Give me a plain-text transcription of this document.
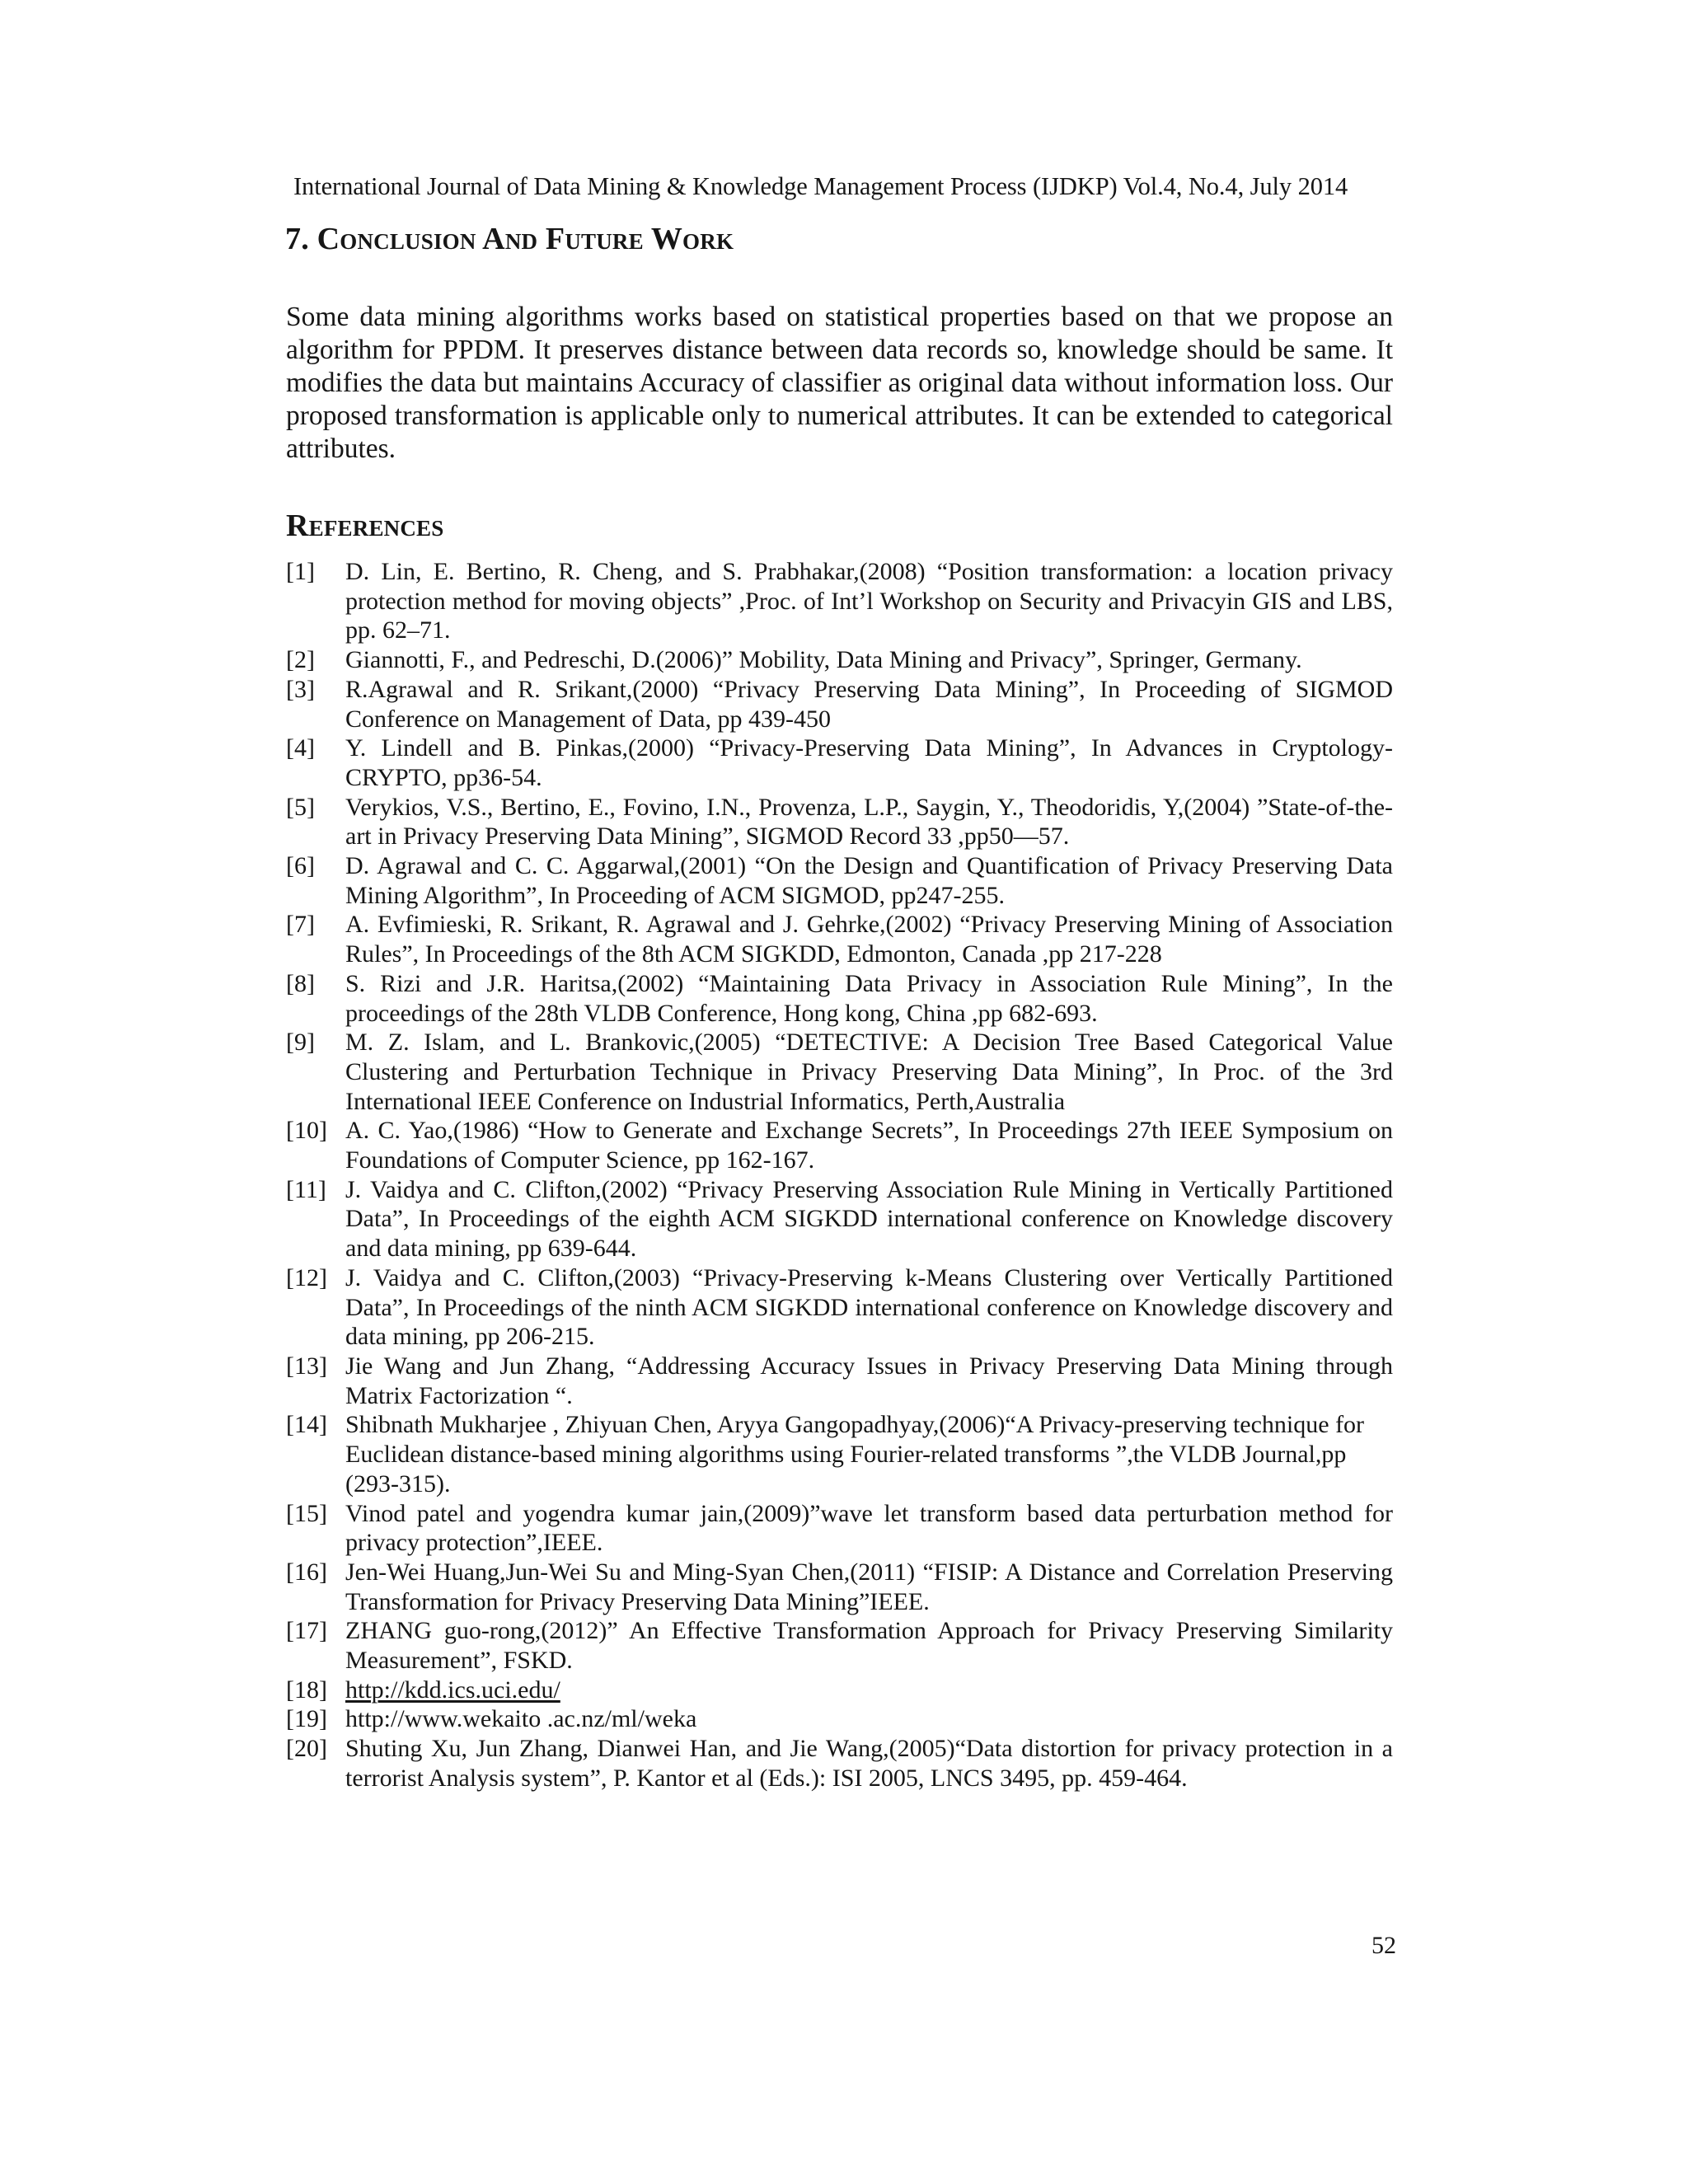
International Journal of Data Mining & Knowledge Management Process (IJDKP) Vol.4, No.4, July 2014
7. Conclusion And Future Work

Some data mining algorithms works based on statistical properties based on that we propose an algorithm for PPDM. It preserves distance between data records so, knowledge should be same. It modifies the data but maintains Accuracy of classifier as original data without information loss. Our proposed transformation is applicable only to numerical attributes. It can be extended to categorical attributes.

References
[1]	D. Lin, E. Bertino, R. Cheng, and S. Prabhakar,(2008) “Position transformation: a location privacy protection method for moving objects” ,Proc. of Int’l Workshop on Security and Privacyin GIS and LBS, pp. 62–71.
[2]	Giannotti, F., and Pedreschi, D.(2006)” Mobility, Data Mining and Privacy”, Springer, Germany.
[3]	R.Agrawal and R. Srikant,(2000) “Privacy Preserving Data Mining”, In Proceeding of SIGMOD Conference on Management of Data, pp 439-450
[4]	Y. Lindell and B. Pinkas,(2000) “Privacy-Preserving Data Mining”, In Advances in Cryptology-CRYPTO, pp36-54.
[5]	Verykios, V.S., Bertino, E., Fovino, I.N., Provenza, L.P., Saygin, Y., Theodoridis, Y,(2004) ”State-of-the-art in Privacy Preserving Data Mining”, SIGMOD Record 33 ,pp50—57.
[6]	D. Agrawal and C. C. Aggarwal,(2001) “On the Design and Quantification of Privacy Preserving Data Mining Algorithm”, In Proceeding of ACM SIGMOD, pp247-255.
[7]	A. Evfimieski, R. Srikant, R. Agrawal and J. Gehrke,(2002) “Privacy Preserving Mining of Association Rules”, In Proceedings of the 8th ACM SIGKDD, Edmonton, Canada ,pp 217-228
[8]	S. Rizi and J.R. Haritsa,(2002) “Maintaining Data Privacy in Association Rule Mining”, In the proceedings of the 28th VLDB Conference, Hong kong, China ,pp 682-693.
[9]	M. Z. Islam, and L. Brankovic,(2005) “DETECTIVE: A Decision Tree Based Categorical Value Clustering and Perturbation Technique in Privacy Preserving Data Mining”, In Proc. of the 3rd International IEEE Conference on Industrial Informatics, Perth,Australia
[10] A. C. Yao,(1986) “How to Generate and Exchange Secrets”, In Proceedings 27th IEEE Symposium on Foundations of Computer Science, pp 162-167.
[11] J. Vaidya and C. Clifton,(2002) “Privacy Preserving Association Rule Mining in Vertically Partitioned Data”, In Proceedings of the eighth ACM SIGKDD international conference on Knowledge discovery and data mining, pp 639-644.
[12] J. Vaidya and C. Clifton,(2003) “Privacy-Preserving k-Means Clustering over Vertically Partitioned Data”, In Proceedings of the ninth ACM SIGKDD international conference on Knowledge discovery and data mining, pp 206-215.
[13] Jie Wang and Jun Zhang, “Addressing Accuracy Issues in Privacy Preserving Data Mining through Matrix Factorization “.
[14] Shibnath Mukharjee , Zhiyuan Chen, Aryya Gangopadhyay,(2006)“A Privacy-preserving technique for Euclidean distance-based mining algorithms using Fourier-related transforms ”,the VLDB Journal,pp (293-315).
[15] Vinod patel and yogendra kumar jain,(2009)”wave let transform based data perturbation method for privacy protection”,IEEE.
[16] Jen-Wei Huang,Jun-Wei Su and Ming-Syan Chen,(2011) “FISIP: A Distance and Correlation Preserving Transformation for Privacy Preserving Data Mining”IEEE.
[17] ZHANG guo-rong,(2012)” An Effective Transformation Approach for Privacy Preserving Similarity Measurement”, FSKD.
[18] http://kdd.ics.uci.edu/
[19] http://www.wekaito .ac.nz/ml/weka
[20] Shuting Xu, Jun Zhang, Dianwei Han, and Jie Wang,(2005)“Data distortion for privacy protection in a terrorist Analysis system”, P. Kantor et al (Eds.): ISI 2005, LNCS 3495, pp. 459-464.
52
